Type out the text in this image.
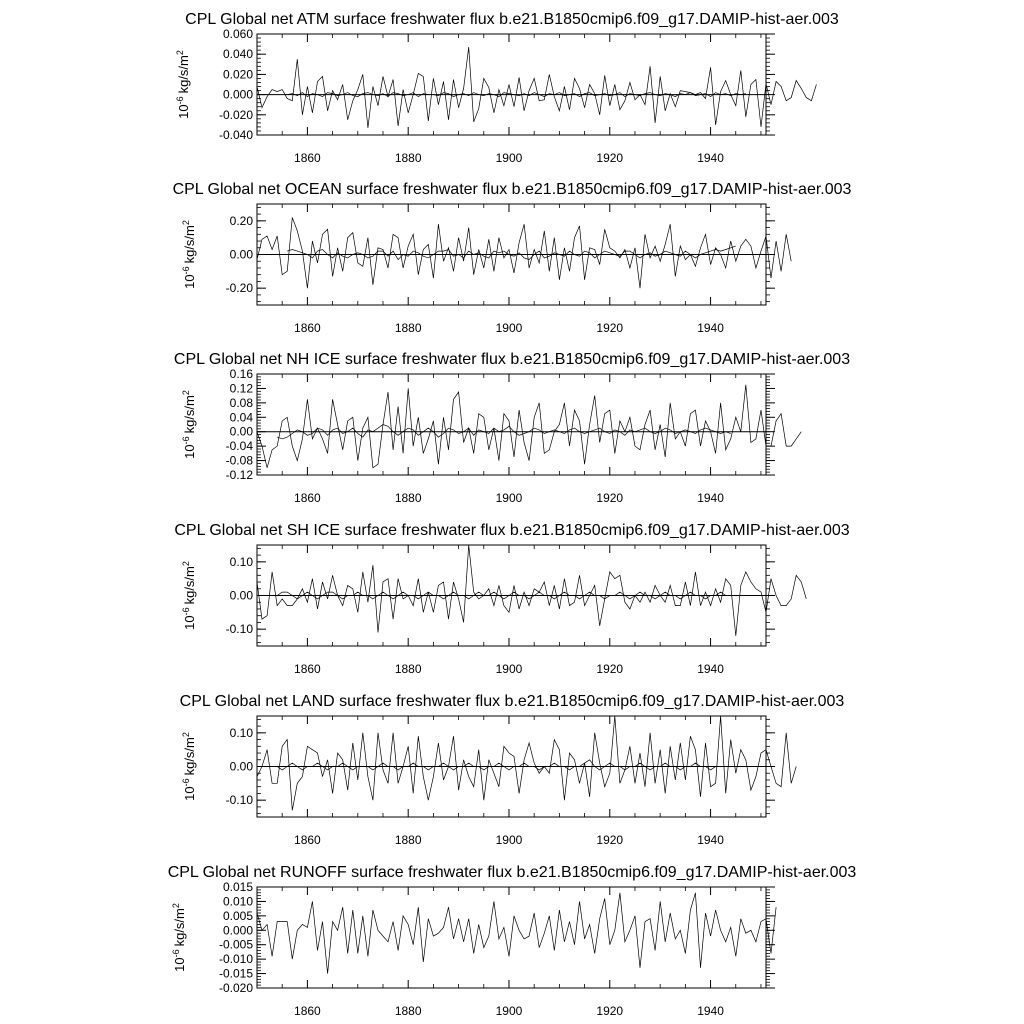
CPL Global net ATM surface freshwater flux b.e21.B1850cmip6.f09_g17.DAMIP-hist-aer.003
-0.040
-0.020
0.000
0.020
0.040
0.060
1860	1880	1900	1920	1940
$10^{-6}kg/s/m^2$
CPL Global net OCEAN surface freshwater flux b.e21.B1850cmip6.f09_g17.DAMIP-hist-aer.003
-0.20
0.00
0.20
1860	1880	1900	1920	1940
$10^{-6}kg/s/m^2$
CPL Global net NH ICE surface freshwater flux b.e21.B1850cmip6.f09_g17.DAMIP-hist-aer.003
-0.12
-0.08
-0.04
0.00
0.04
0.08
0.12
0.16
1860	1880	1900	1920	1940
$10^{-6}kg/s/m^2$
CPL Global net SH ICE surface freshwater flux b.e21.B1850cmip6.f09_g17.DAMIP-hist-aer.003
-0.10
0.00
0.10
1860	1880	1900	1920	1940
$10^{-6}kg/s/m^2$
CPL Global net LAND surface freshwater flux b.e21.B1850cmip6.f09_g17.DAMIP-hist-aer.003
-0.10
0.00
0.10
1860	1880	1900	1920	1940
$10^{-6}kg/s/m^2$
CPL Global net RUNOFF surface freshwater flux b.e21.B1850cmip6.f09_g17.DAMIP-hist-aer.003
-0.020
-0.015
-0.010
-0.005
0.000
0.005
0.010
0.015
1860	1880	1900	1920	1940
$10^{-6}kg/s/m^2$
